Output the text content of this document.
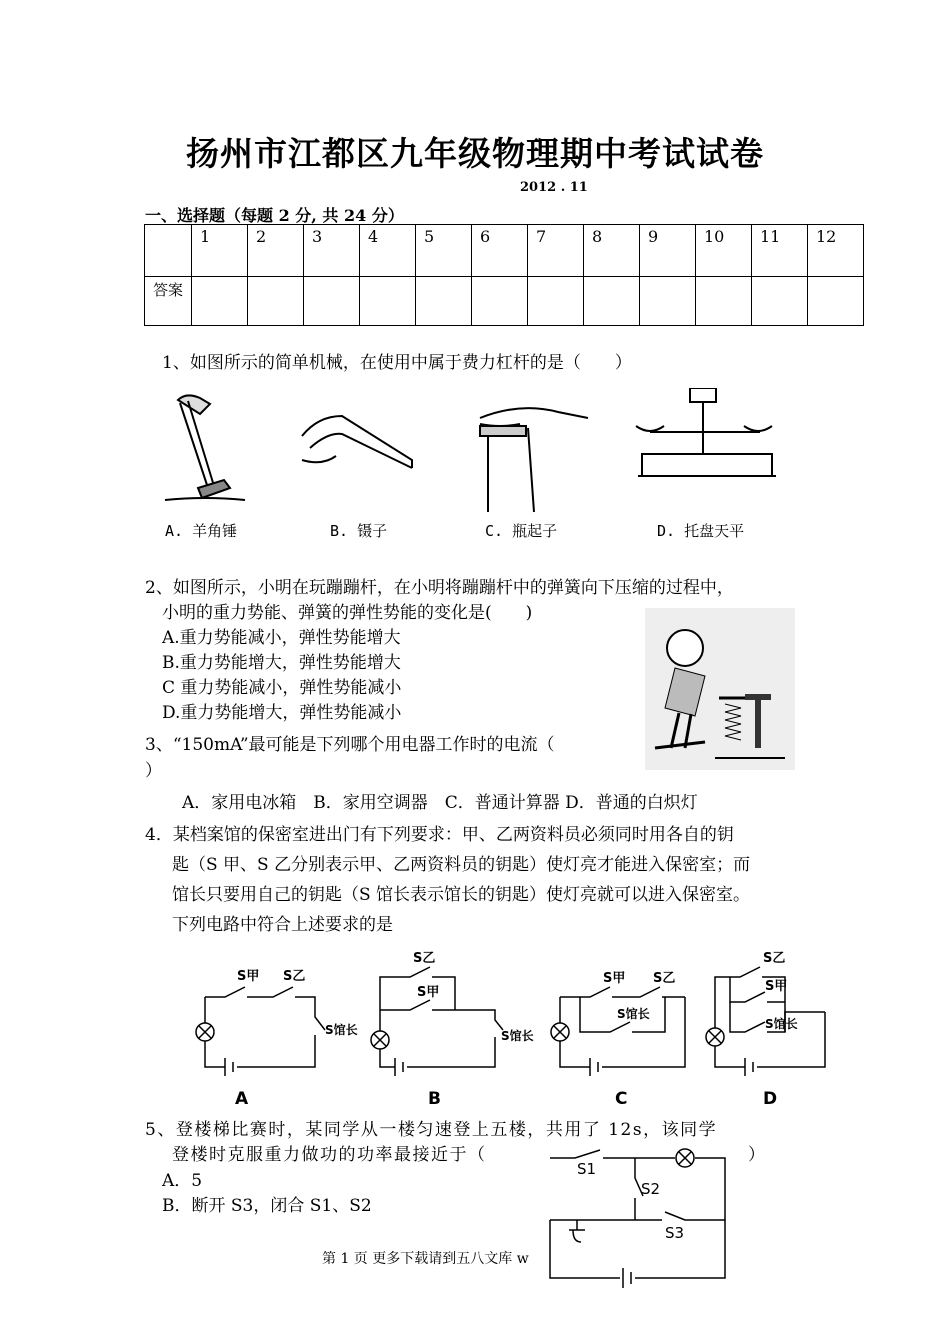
扬州市江都区九年级物理期中考试试卷
2012 . 11
一、选择题（每题 2 分, 共 24 分）
	1	2	3	4	5	6	7	8	9	10	11	12
答案												
1、如图所示的简单机械，在使用中属于费力杠杆的是（　　）
A. 羊角锤	B. 镊子	C. 瓶起子	D. 托盘天平
2、如图所示，小明在玩蹦蹦杆，在小明将蹦蹦杆中的弹簧向下压缩的过程中，
小明的重力势能、弹簧的弹性势能的变化是(　　)
A.重力势能减小，弹性势能增大
B.重力势能增大，弹性势能增大
C 重力势能减小，弹性势能减小
D.重力势能增大，弹性势能减小
3、“150mA”最可能是下列哪个用电器工作时的电流（
）
A．家用电冰箱　B．家用空调器　C．普通计算器 D．普通的白炽灯
4．某档案馆的保密室进出门有下列要求：甲、乙两资料员必须同时用各自的钥
匙（S 甲、S 乙分别表示甲、乙两资料员的钥匙）使灯亮才能进入保密室；而
馆长只要用自己的钥匙（S 馆长表示馆长的钥匙）使灯亮就可以进入保密室。
下列电路中符合上述要求的是
A	B	C	D
S甲 S乙
S馆长
S乙
S甲
S馆长
S甲 S乙
S馆长
S乙
S甲
S馆长
5、登楼梯比赛时，某同学从一楼匀速登上五楼，共用了 12s，该同学
登楼时克服重力做功的功率最接近于（	）
A．5
B．断开 S3，闭合 S1、S2
S1
S2
S3
第 1 页 更多下载请到五八文库 w
